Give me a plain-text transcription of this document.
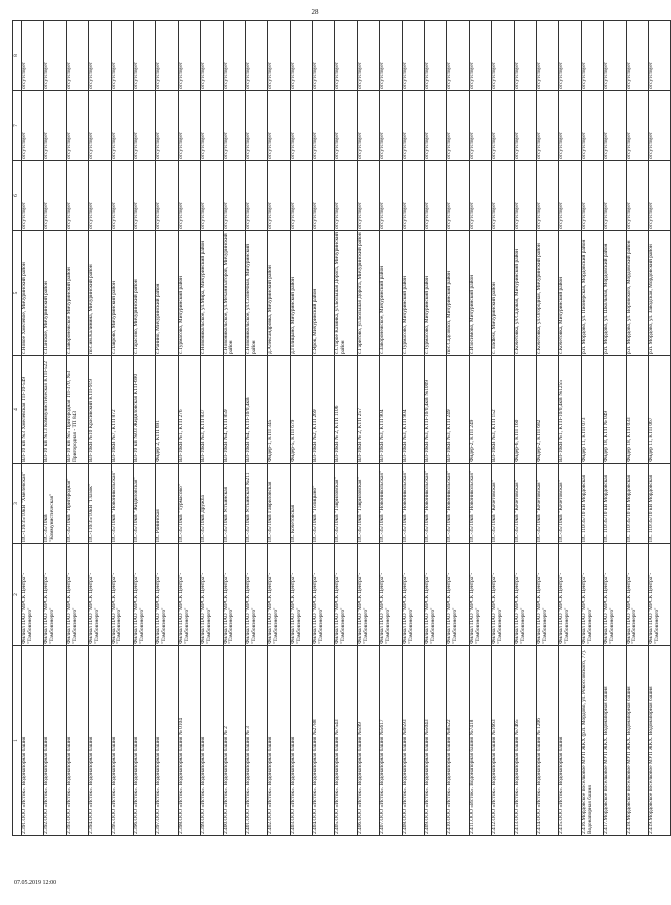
28
1	2	3	4	5	6	7	8
2.391.ООО «Исток». Водонапорная башня	Филиал ПАО "МРСК Центра"-"Тамбовэнерго"	ПС-110/35/10кВ "Хмелевская"	ВЛ-10 кВ №3 Хмелевская ТП-10-549	с.Новое Хмелевое, Мичуринский район	отсутствует	отсутствует	отсутствует
2.392.ООО «Исток». Водонапорная башня	Филиал ПАО "МРСК Центра"-"Тамбовэнерго"	ПС-35/10кВ "Коммунистическая"	ВЛ-10 кВ №13 Коммунистическая КТП-522	с.Панское, Мичуринский район	отсутствует	отсутствует	отсутствует
2.393.ООО «Исток». Водонапорная башня	Филиал ПАО "МРСК Центра"-"Тамбовэнерго"	ПС-35/10кВ "Пригородная"	ВЛ-10 кВ №5 Пригородная ТП-370, №3 Пригородная - ТП 843	с.Заворонежское Мичуринский район	отсутствует	отсутствует	отсутствует
2.394.ООО «Исток». Водонапорная башня	Филиал ПАО "МРСК Центра"-"Тамбовэнерго"	ПС-110/35/10кВ "Глазок"	ВЛ-10кВ №10 Красивский КТП-919	пос.им.Калинина, Мичуринский район	отсутствует	отсутствует	отсутствует
2.395.ООО «Исток». Водонапорная башня	Филиал ПАО "МРСК Центра"-"Тамбовэнерго"	ПС-35/10кВ "Новоникольская"	ВЛ-10кВ №7, КТП 872	с.Лаврово, Мичуринский район	отсутствует	отсутствует	отсутствует
2.396.ООО «Исток». Водонапорная башня	Филиал ПАО "МРСК Центра"-"Тамбовэнерго"	ПС-35/10кВ "Жидиловская"	ВЛ-10 кВ №03 Жидиловская КТП-690	с.Тарасово, Мичуринский район	отсутствует	отсутствует	отсутствует
2.397.ООО «Исток». Водонапорная башня	Филиал ПАО "МРСК Центра"-"Тамбовэнерго"	ПС Ранинская	Фидер 2, КТП 691	с.Ранино, Мичуринский район	отсутствует	отсутствует	отсутствует
2.398.ООО «Исток». Водонапорная башня № 0104	Филиал ПАО "МРСК Центра"-"Тамбовэнерго"	ПС-35/10кВ "Турмасово"	ВЛ-10кВ №1, КТП 276	с.Турмасово, Мичуринский район	отсутствует	отсутствует	отсутствует
2.399.ООО «Исток». Водонапорная башня	Филиал ПАО "МРСК Центра"-"Тамбовэнерго"	ПС-35/10кВ Дружба	ВЛ-10кВ №3, КТП 837	с.Новоникольское, ул.Мира, Мичуринский район	отсутствует	отсутствует	отсутствует
2.400.ООО «Исток». Водонапорная башня № 2	Филиал ПАО "МРСК Центра"-"Тамбовэнерго"	ПС-35/10кВ Устьинская	ВЛ-10кВ №4, КТП 859	с.Новоникольское, ул.Механизаторов, Мичуринский район	отсутствует	отсутствует	отсутствует
2.401.ООО «Исток». Водонапорная башня № 3	Филиал ПАО "МРСК Центра"-"Тамбовэнерго"	ПС-35/10кВ Устьинская №211	ВЛ-10кВ №4, КТП-10/0,4кВ	с.Новоникольское, ул.Солнечная, Мичуринский район	отсутствует	отсутствует	отсутствует
2.402.ООО «Исток». Водонапорная башня	Филиал ПАО "МРСК Центра"-"Тамбовэнерго"	ПС-35/10кВ Гавриловская	Фидер-1, КТП 345	д.Александровка, Мичуринский район	отсутствует	отсутствует	отсутствует
2.403.ООО «Исток». Водонапорная башня	Филиал ПАО "МРСК Центра"-"Тамбовэнерго"	ПС Кочетовская	Фидер-5, КТП 679	д.Голицыно, Мичуринский район	отсутствует	отсутствует	отсутствует
2.404.ООО «Исток». Водонапорная башня №2788	Филиал ПАО "МРСК Центра"-"Тамбовэнерго"	ПС-35/10кВ "Голицыно"	ВЛ-10кВ №2, КТП 269	с.Ярок, Мичуринский район	отсутствует	отсутствует	отсутствует
2.405.ООО «Исток». Водонапорная башня №7543	Филиал ПАО "МРСК Центра"-"Тамбовэнерго"	ПС-35/10кВ "Гавриловская"	ВЛ-10кВ № 2, КТП 1106	с.Старое Казинка, ул.Большая Дорога, Мичуринский район	отсутствует	отсутствует	отсутствует
2.406.ООО «Исток». Водонапорная башня №599	Филиал ПАО "МРСК Центра"-"Тамбовэнерго"	ПС-35/10кВ "Гавриловская"	ВЛ-10кВ № 2, КТП 257	с.Гаритово, ул.Большая Дорога, Мичуринский район	отсутствует	отсутствует	отсутствует
2.407.ООО «Исток». Водонапорная башня №5617	Филиал ПАО "МРСК Центра"-"Тамбовэнерго"	ПС-35/10кВ "Новоникольская"	ВЛ-10кВ №3, КТП 904	с.Заворонежское, Мичуринский район	отсутствует	отсутствует	отсутствует
2.408.ООО «Исток». Водонапорная башня №9593	Филиал ПАО "МРСК Центра"-"Тамбовэнерго"	ПС-35/10кВ "Новоникольская"	ВЛ-10кВ №3, КТП 904	с.Турмасово, Мичуринский район	отсутствует	отсутствует	отсутствует
2.409.ООО «Исток». Водонапорная башня №5043	Филиал ПАО "МРСК Центра"-"Тамбовэнерго"	ПС-35/10кВ "Новоникольская"	ВЛ-10кВ №3, КТП-10/0,4кВ №1009	с.Турмасово, Мичуринский район	отсутствует	отсутствует	отсутствует
2.410.ООО «Исток». Водонапорная башня №8522	Филиал ПАО "МРСК Центра"-"Тамбовэнерго"	ПС-35/10кВ "Новоникольская"	ВЛ-10кВ №3, КТП 249	пос.Садсовхоз, Мичуринский район	отсутствует	отсутствует	отсутствует
2.411.ООО «Исток». Водонапорная башня №7418	Филиал ПАО "МРСК Центра"-"Тамбовэнерго"	ПС-35/10кВ "Новоникольская"	Фидер-2, КТП 249	с.Изосимово, Мичуринский район	отсутствует	отсутствует	отсутствует
2.412.ООО «Исток». Водонапорная башня №1663	Филиал ПАО "МРСК Центра"-"Тамбовэнерго"	ПС-35/10кВ "Кочетовская"	ВЛ-10кВ №3, КТП 152	с. Endless, Мичуринский район	отсутствует	отсутствует	отсутствует
2.413.ООО «Исток». Водонапорная башня №7465	Филиал ПАО "МРСК Центра"-"Тамбовэнерго"	ПС-35/10кВ "Кочетовская"	Фидер-6, КТП 160	с.Кочетовка, ул.Садовая, Мичуринский район	отсутствует	отсутствует	отсутствует
2.414.ООО «Исток». Водонапорная башня № 1206	Филиал ПАО "МРСК Центра"-"Тамбовэнерго"	ПС-35/10кВ "Кочетовская"	Фидер-2, КТП 682	с.Кочетовка, ул.Огородная, Мичуринский район	отсутствует	отсутствует	отсутствует
2.415.ООО «Исток». Водонапорная башня	Филиал ПАО "МРСК Центра"-"Тамбовэнерго"	ПС-35/10кВ "Кочетовская"	ВЛ-10кВ №1, КТП-10/0,4кВ №1255	с.Кочетовка, Мичуринский район	отсутствует	отсутствует	отсутствует
2.416.Мордовское поселковое МУП ЖКХ (р.п. Мордово, ул. Рокоссовского, 77). Водонапорная башня	Филиал ПАО "МРСК Центра"-"Тамбовэнерго"	ПС 110/35/10 кВ Мордовская	Фидер 11, КТП 073	р.п. Мордово, ул. Пионерская, Мордовский район	отсутствует	отсутствует	отсутствует
2.417.Мордовское поселковое МУП ЖКХ. Водонапорная башня	Филиал ПАО "МРСК Центра"-"Тамбовэнерго"	ПС 110/35/10 кВ Мордовская	Фидер 18, КТП № 049	р.п. Мордово, ул. Школьная, Мордовский район	отсутствует	отсутствует	отсутствует
2.418.Мордовское поселковое МУП ЖКХ. Водонапорная башня	Филиал ПАО "МРСК Центра"-"Тамбовэнерго"	ПС 110/35/10 кВ Мордовская	Фидер 18, КТП 033	р.п. Мордово, ул. Воровского, Мордовский район	отсутствует	отсутствует	отсутствует
2.419.Мордовское поселковое МУП ЖКХ. Водонапорная башня	Филиал ПАО "МРСК Центра"-"Тамбовэнерго"	ПС 110/35/10 кВ Мордовская	Фидер 11, КТП 067	р.п. Мордово, ул. Заводская, Мордовский район	отсутствует	отсутствует	отсутствует
07.05.2019 12:00
